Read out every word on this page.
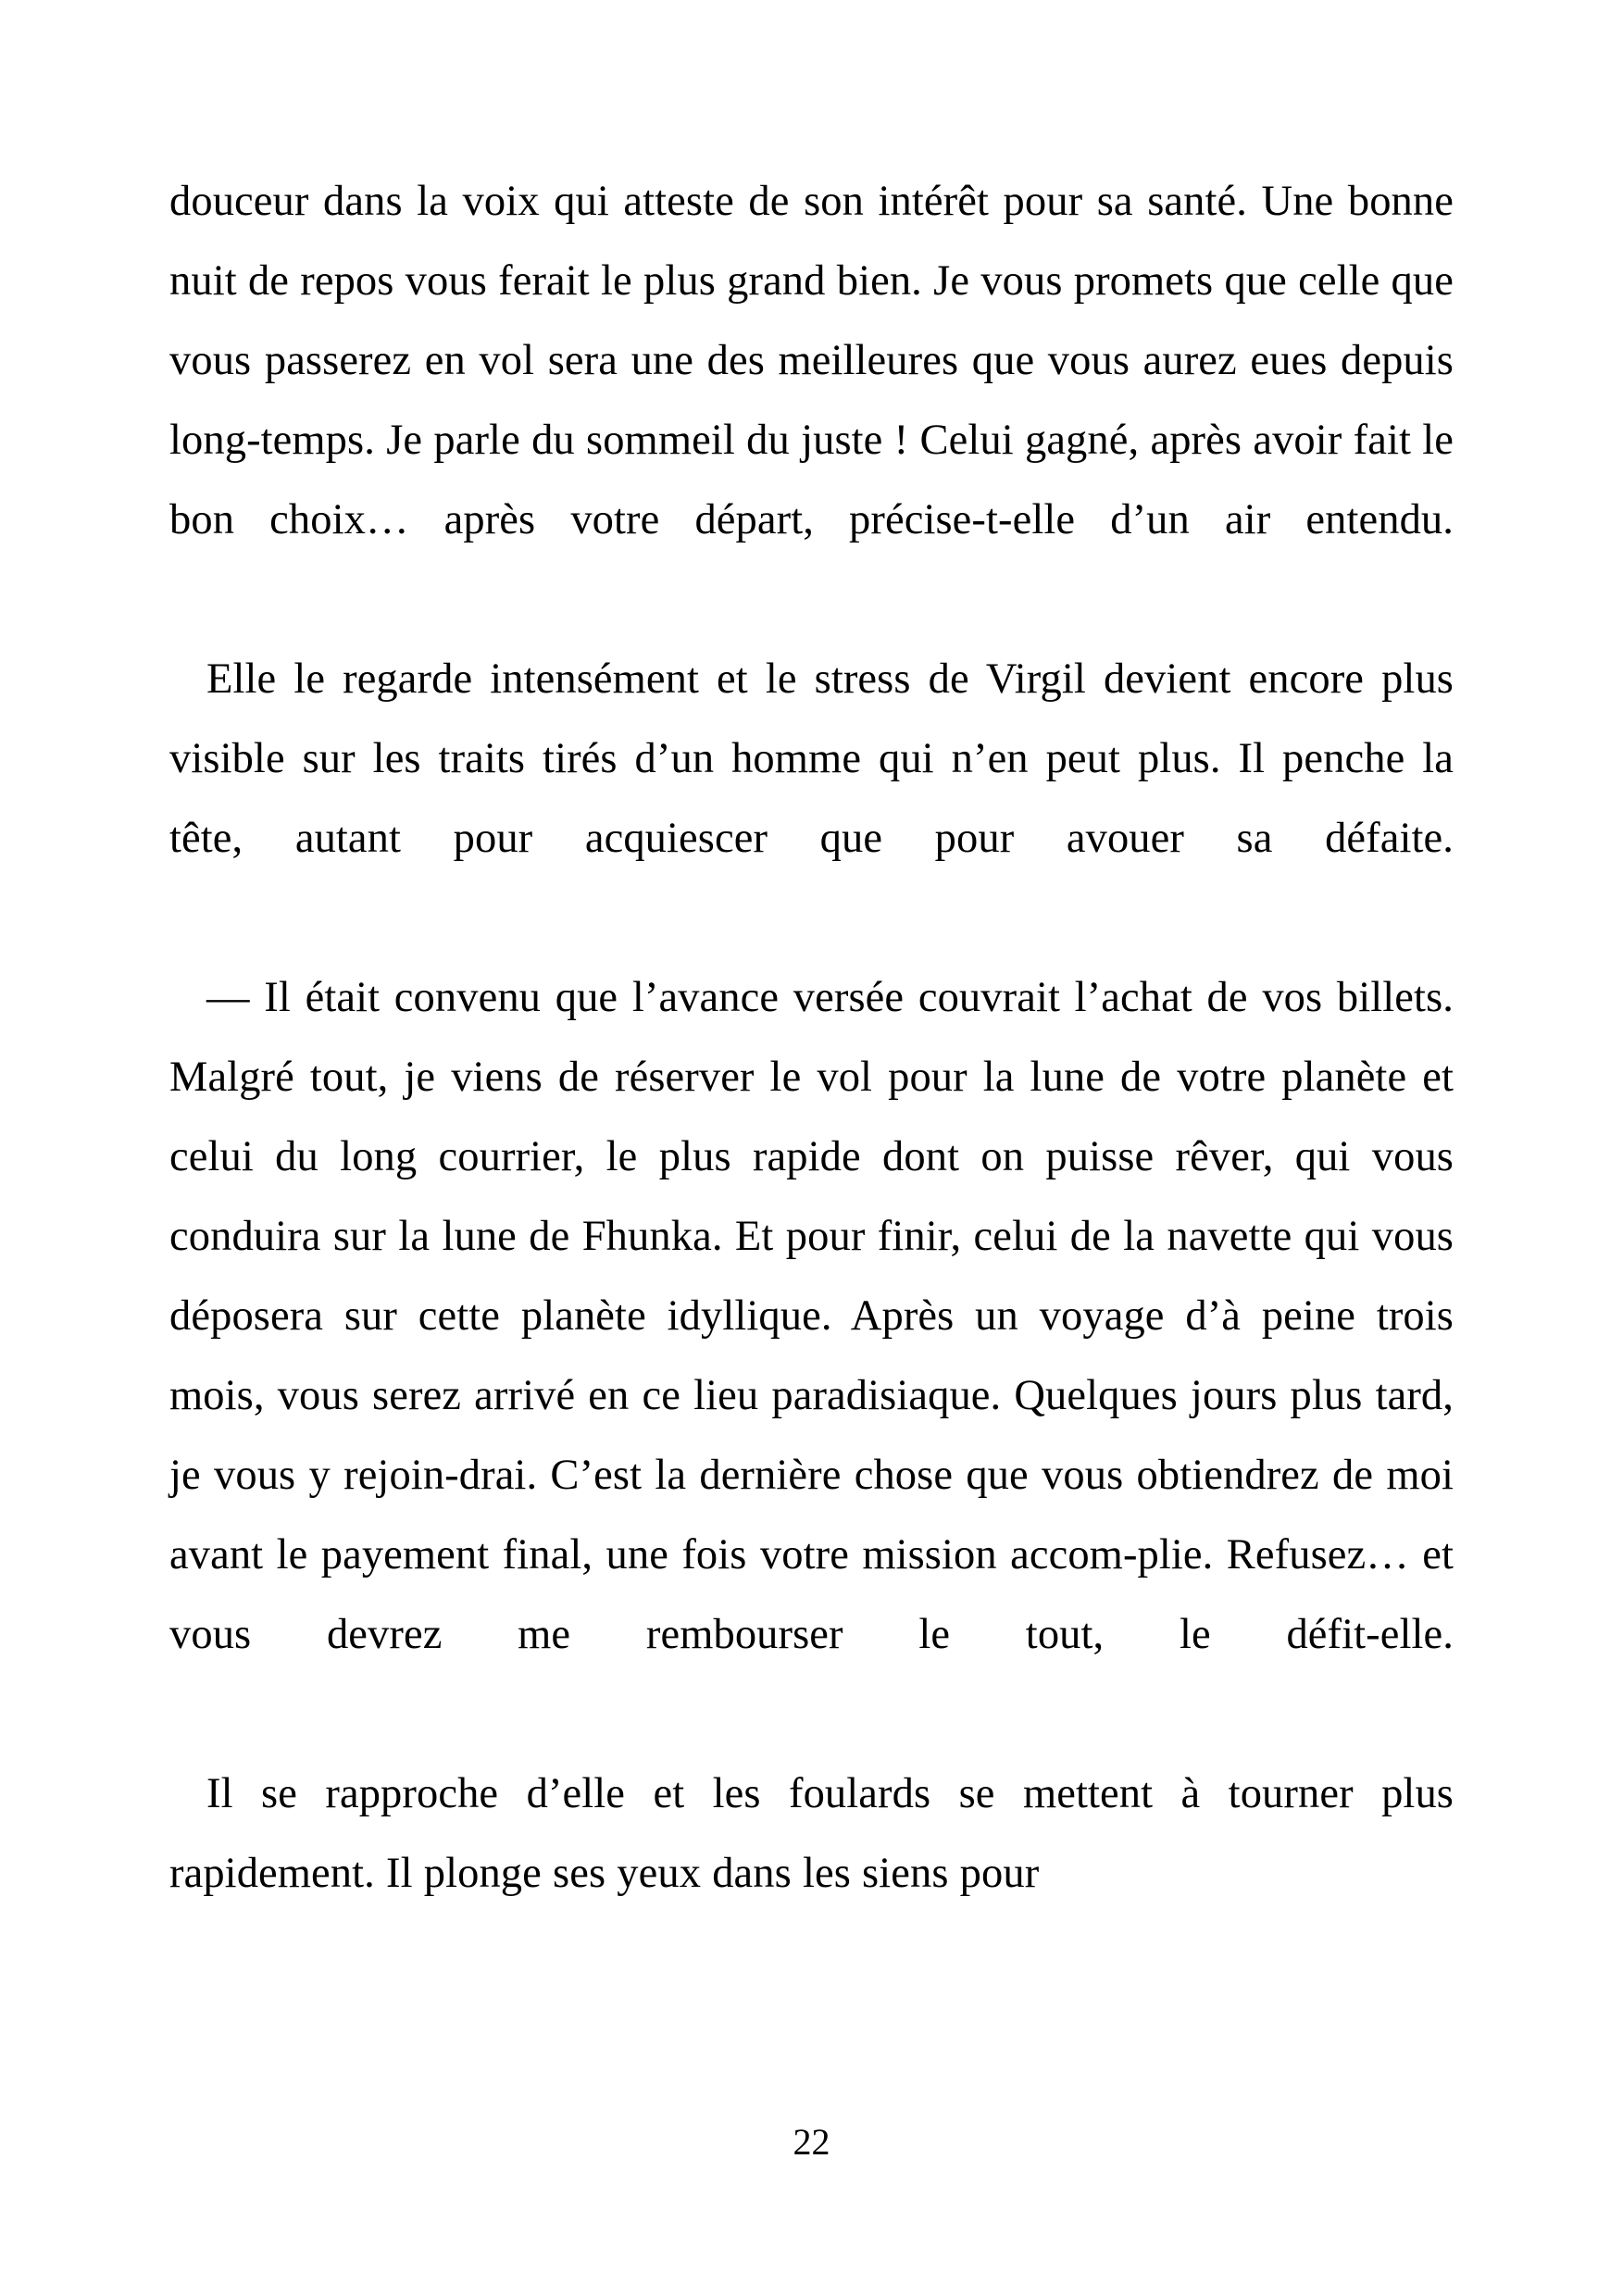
douceur dans la voix qui atteste de son intérêt pour sa santé. Une bonne nuit de repos vous ferait le plus grand bien. Je vous promets que celle que vous passerez en vol sera une des meilleures que vous aurez eues depuis long-temps. Je parle du sommeil du juste ! Celui gagné, après avoir fait le bon choix… après votre départ, précise-t-elle d’un air entendu.

Elle le regarde intensément et le stress de Virgil devient encore plus visible sur les traits tirés d’un homme qui n’en peut plus. Il penche la tête, autant pour acquiescer que pour avouer sa défaite.

— Il était convenu que l’avance versée couvrait l’achat de vos billets. Malgré tout, je viens de réserver le vol pour la lune de votre planète et celui du long courrier, le plus rapide dont on puisse rêver, qui vous conduira sur la lune de Fhunka. Et pour finir, celui de la navette qui vous déposera sur cette planète idyllique. Après un voyage d’à peine trois mois, vous serez arrivé en ce lieu paradisiaque. Quelques jours plus tard, je vous y rejoin-drai. C’est la dernière chose que vous obtiendrez de moi avant le payement final, une fois votre mission accom-plie. Refusez… et vous devrez me rembourser le tout, le défit-elle.

Il se rapproche d’elle et les foulards se mettent à tourner plus rapidement. Il plonge ses yeux dans les siens pour

22
